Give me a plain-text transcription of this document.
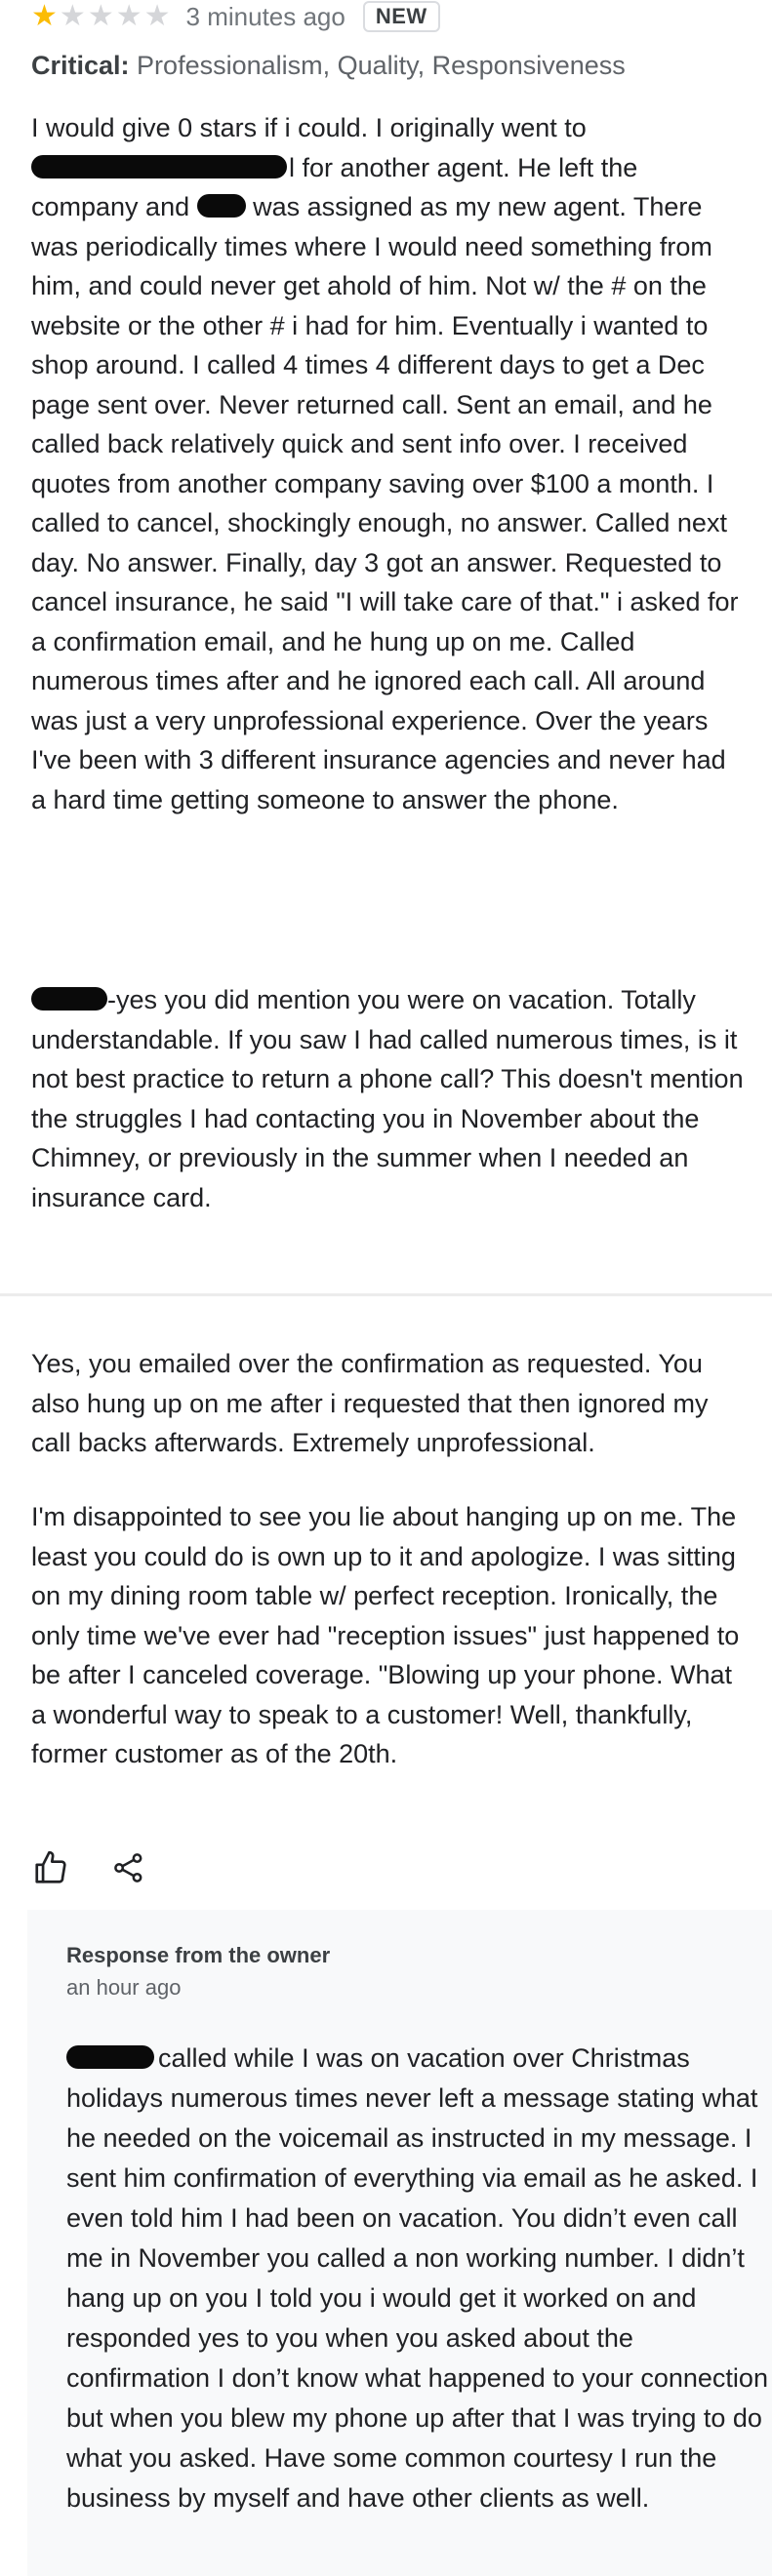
★ ★ ★ ★ ★ 3 minutes ago	NEW
Critical: Professionalism, Quality, Responsiveness

I would give 0 stars if i could. I originally went to
l for another agent. He left the company and was assigned as my new agent. There was periodically times where I would need something from him, and could never get ahold of him. Not w/ the # on the website or the other # i had for him. Eventually i wanted to shop around. I called 4 times 4 different days to get a Dec page sent over. Never returned call. Sent an email, and he called back relatively quick and sent info over. I received quotes from another company saving over $100 a month. I called to cancel, shockingly enough, no answer. Called next day. No answer. Finally, day 3 got an answer. Requested to cancel insurance, he said "I will take care of that." i asked for a confirmation email, and he hung up on me. Called numerous times after and he ignored each call. All around was just a very unprofessional experience. Over the years I've been with 3 different insurance agencies and never had a hard time getting someone to answer the phone.

-yes you did mention you were on vacation. Totally understandable. If you saw I had called numerous times, is it not best practice to return a phone call? This doesn't mention the struggles I had contacting you in November about the Chimney, or previously in the summer when I needed an insurance card.

Yes, you emailed over the confirmation as requested. You also hung up on me after i requested that then ignored my call backs afterwards. Extremely unprofessional.

I'm disappointed to see you lie about hanging up on me. The least you could do is own up to it and apologize. I was sitting on my dining room table w/ perfect reception. Ironically, the only time we've ever had "reception issues" just happened to be after I canceled coverage. "Blowing up your phone. What a wonderful way to speak to a customer! Well, thankfully, former customer as of the 20th.

Response from the owner
an hour ago

called while I was on vacation over Christmas holidays numerous times never left a message stating what he needed on the voicemail as instructed in my message. I sent him confirmation of everything via email as he asked. I even told him I had been on vacation. You didn’t even call me in November you called a non working number. I didn’t hang up on you I told you i would get it worked on and responded yes to you when you asked about the confirmation I don’t know what happened to your connection but when you blew my phone up after that I was trying to do what you asked. Have some common courtesy I run the business by myself and have other clients as well.
